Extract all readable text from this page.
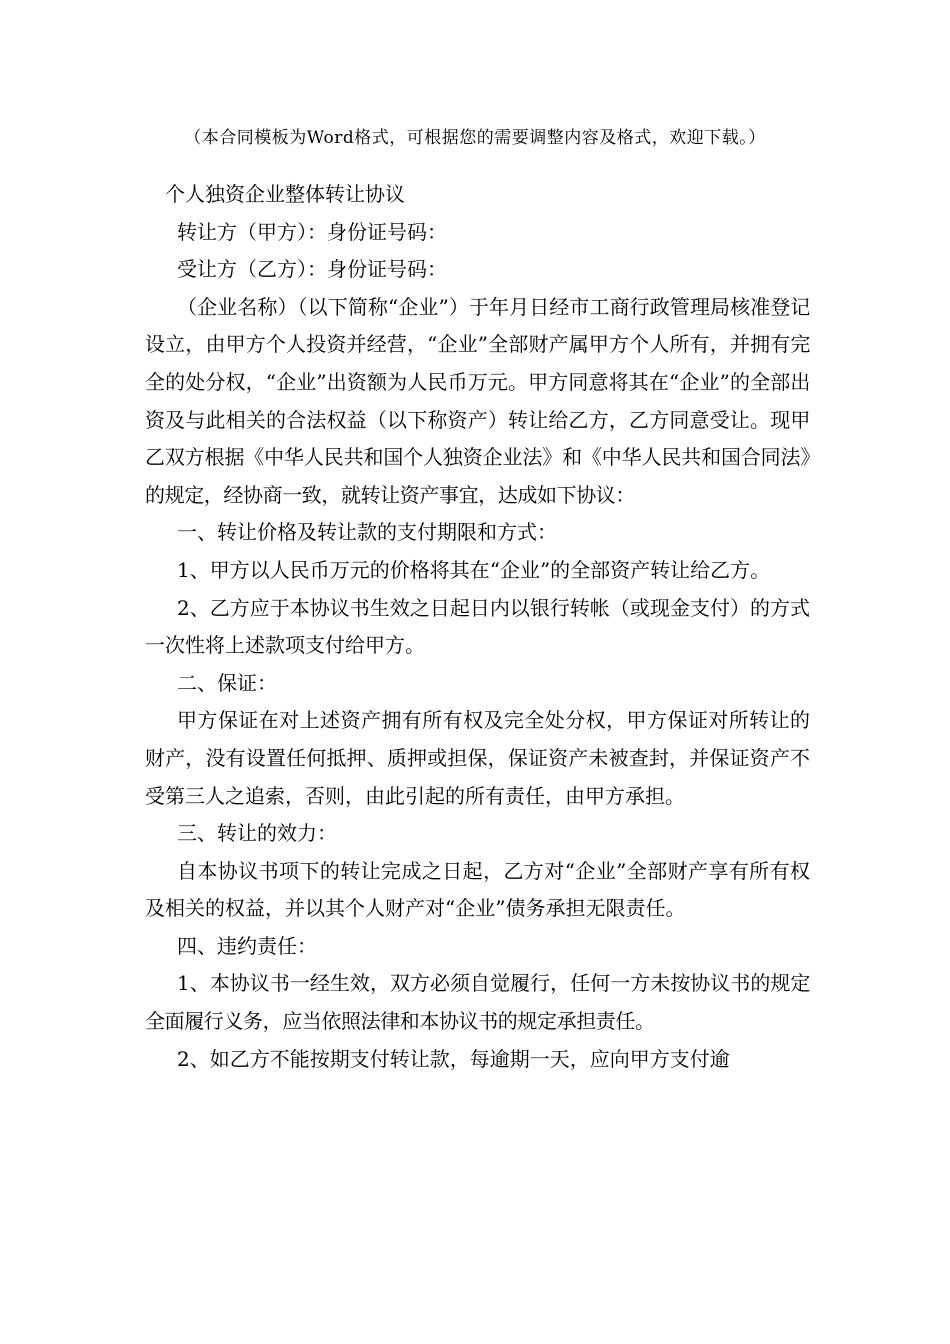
（本合同模板为Word格式，可根据您的需要调整内容及格式，欢迎下载。）

个人独资企业整体转让协议

转让方（甲方）：身份证号码：

受让方（乙方）：身份证号码：

（企业名称）（以下简称“企业”）于年月日经市工商行政管理局核准登记设立，由甲方个人投资并经营，“企业”全部财产属甲方个人所有，并拥有完全的处分权，“企业”出资额为人民币万元。甲方同意将其在“企业”的全部出资及与此相关的合法权益（以下称资产）转让给乙方，乙方同意受让。现甲乙双方根据《中华人民共和国个人独资企业法》和《中华人民共和国合同法》的规定，经协商一致，就转让资产事宜，达成如下协议：

一、转让价格及转让款的支付期限和方式：

1、甲方以人民币万元的价格将其在“企业”的全部资产转让给乙方。

2、乙方应于本协议书生效之日起日内以银行转帐（或现金支付）的方式一次性将上述款项支付给甲方。

二、保证：

甲方保证在对上述资产拥有所有权及完全处分权，甲方保证对所转让的财产，没有设置任何抵押、质押或担保，保证资产未被查封，并保证资产不受第三人之追索，否则，由此引起的所有责任，由甲方承担。

三、转让的效力：

自本协议书项下的转让完成之日起，乙方对“企业”全部财产享有所有权及相关的权益，并以其个人财产对“企业”债务承担无限责任。

四、违约责任：

1、本协议书一经生效，双方必须自觉履行，任何一方未按协议书的规定全面履行义务，应当依照法律和本协议书的规定承担责任。

2、如乙方不能按期支付转让款，每逾期一天，应向甲方支付逾
